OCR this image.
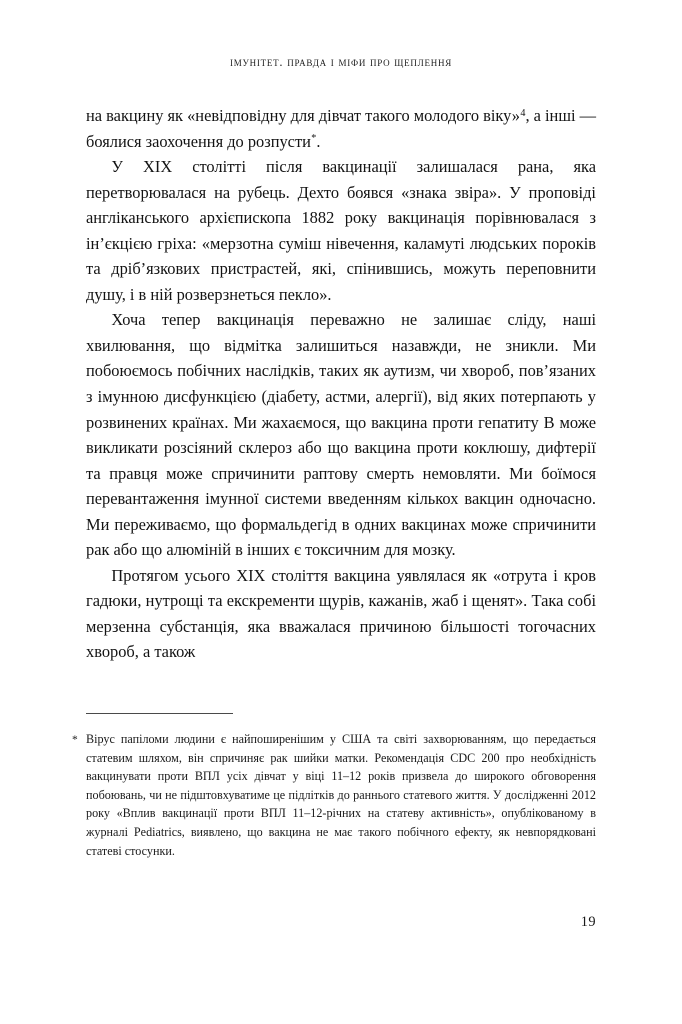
імунітет. правда і міфи про щеплення

на вакцину як «невідповідну для дівчат такого молодого віку»$^4$, а інші — боялися заохочення до розпусти*.

У XIX столітті після вакцинації залишалася рана, яка перетворювалася на рубець. Дехто боявся «знака звіра». У проповіді англіканського архієпископа 1882 року вакцинація порівнювалася з ін’єкцією гріха: «мерзотна суміш нівечення, каламуті людських пороків та дріб’язкових пристрастей, які, спінившись, можуть переповнити душу, і в ній розверзнеться пекло».

Хоча тепер вакцинація переважно не залишає сліду, наші хвилювання, що відмітка залишиться назавжди, не зникли. Ми побоюємось побічних наслідків, таких як аутизм, чи хвороб, пов’язаних з імунною дисфункцією (діабету, астми, алергії), від яких потерпають у розвинених країнах. Ми жахаємося, що вакцина проти гепатиту В може викликати розсіяний склероз або що вакцина проти коклюшу, дифтерії та правця може спричинити раптову смерть немовляти. Ми боїмося перевантаження імунної системи введенням кількох вакцин одночасно. Ми переживаємо, що формальдегід в одних вакцинах може спричинити рак або що алюміній в інших є токсичним для мозку.

Протягом усього XIX століття вакцина уявлялася як «отрута і кров гадюки, нутрощі та екскременти щурів, кажанів, жаб і щенят». Така собі мерзенна субстанція, яка вважалася причиною більшості тогочасних хвороб, а також

* Вірус папіломи людини є найпоширенішим у США та світі захворюванням, що передається статевим шляхом, він спричиняє рак шийки матки. Рекомендація CDC 200 про необхідність вакцинувати проти ВПЛ усіх дівчат у віці 11–12 років призвела до широкого обговорення побоювань, чи не підштовхуватиме це підлітків до раннього статевого життя. У дослідженні 2012 року «Вплив вакцинації проти ВПЛ 11–12-річних на статеву активність», опублікованому в журналі Pediatrics, виявлено, що вакцина не має такого побічного ефекту, як невпорядковані статеві стосунки.
19
